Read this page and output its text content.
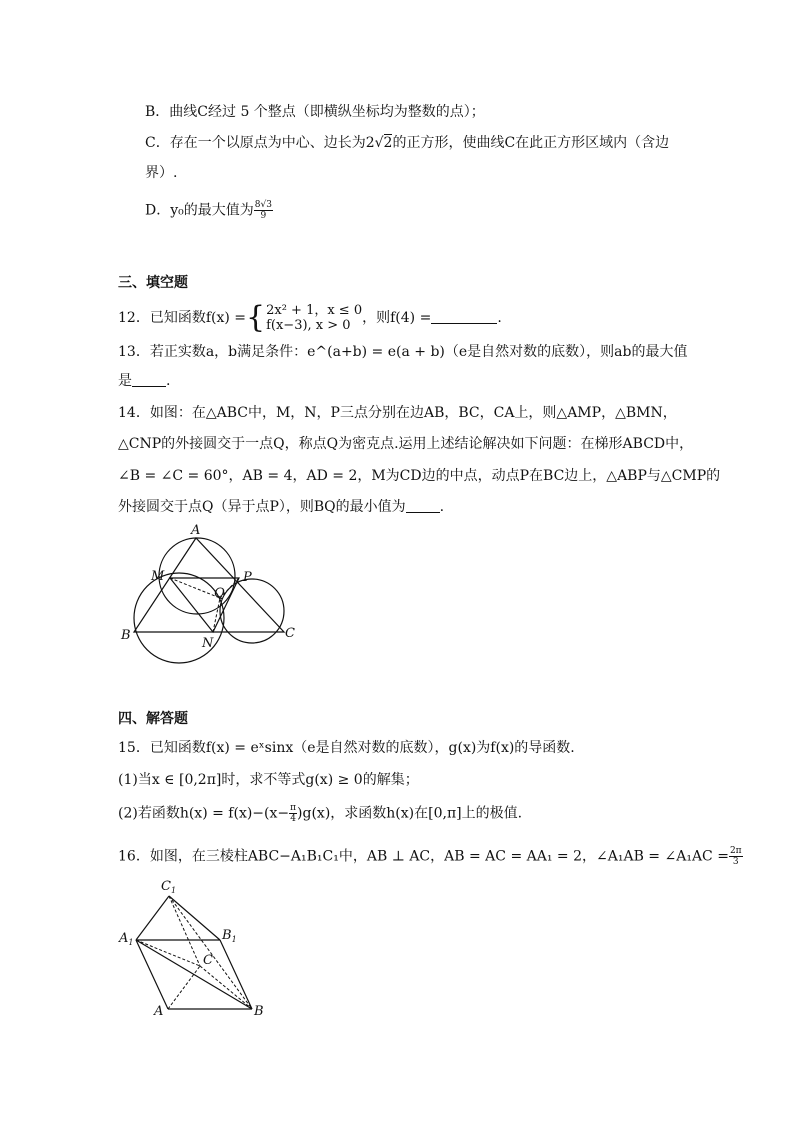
B．曲线C经过 5 个整点（即横纵坐标均为整数的点）；
C．存在一个以原点为中心、边长为2√2的正方形，使曲线C在此正方形区域内（含边
界）.
D．y₀的最大值为 $\frac{8√3}{9}$
三、填空题
12．已知函数f(x) ={ 2x² + 1，x ≤ 0
f(x−3), x > 0 ，则f(4) =	.
13．若正实数a，b满足条件：e^(a+b) = e(a + b)（e是自然对数的底数），则ab的最大值
是 .
14．如图：在△ABC中，M，N，P三点分别在边AB，BC，CA上，则△AMP，△BMN，
△CNP的外接圆交于一点Q，称点Q为密克点.运用上述结论解决如下问题：在梯形ABCD中，
∠B = ∠C = 60°，AB = 4，AD = 2，M为CD边的中点，动点P在BC边上，△ABP与△CMP的
外接圆交于点Q（异于点P），则BQ的最小值为 .
A
M	P
Q
B
N
C
四、解答题
15．已知函数f(x) = eˣsinx（e是自然对数的底数），g(x)为f(x)的导函数.
(1)当x ∈ [0,2π]时，求不等式g(x) ≥ 0的解集；
(2)若函数$h(x) = f(x)-(x- \frac{\pi}{4} )g(x)$，求函数h(x)在[0,π]上的极值.
16．如图，在三棱柱ABC−A₁B₁C₁中，AB ⊥ AC，AB = AC = AA₁ = 2，∠A₁AB = ∠A₁AC = $\frac{2\pi}{3}$
$C_1$
$A_1$	$B_1$
C
A	B
